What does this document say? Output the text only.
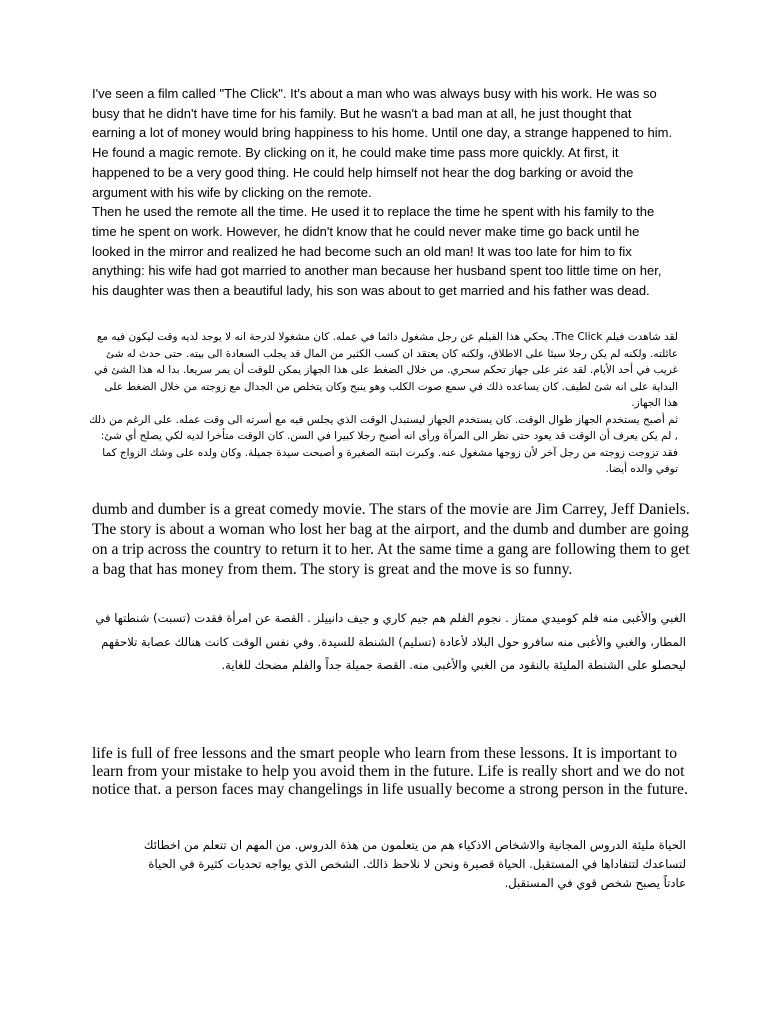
I've seen a film called "The Click". It's about a man who was always busy with his work. He was so busy that he didn't have time for his family. But he wasn't a bad man at all, he just thought that earning a lot of money would bring happiness to his home. Until one day, a strange happened to him. He found a magic remote. By clicking on it, he could make time pass more quickly. At first, it happened to be a very good thing. He could help himself not hear the dog barking or avoid the argument with his wife by clicking on the remote.

Then he used the remote all the time. He used it to replace the time he spent with his family to the time he spent on work. However, he didn't know that he could never make time go back until he looked in the mirror and realized he had become such an old man! It was too late for him to fix anything: his wife had got married to another man because her husband spent too little time on her, his daughter was then a beautiful lady, his son was about to get married and his father was dead.

لقد شاهدت فيلم The Click. يحكي هذا الفيلم عن رجل مشغول دائما في عمله. كان مشغولا لدرجة انه لا يوجد لديه وقت ليكون فيه مع عائلته. ولكنه لم يكن رجلا سيئا على الاطلاق، ولكنه كان يعتقد ان كسب الكثير من المال قد يجلب السعادة الى بيته. حتى حدث له شئ غريب في أحد الأيام. لقد عثر على جهاز تحكم سحري. من خلال الضغط على هذا الجهاز يمكن للوقت أن يمر سريعا. بدا له هذا الشئ في البداية على انه شئ لطيف. كان يساعده ذلك في سمع صوت الكلب وهو ينبح وكان يتخلص من الجدال مع زوجته من خلال الضغط على هذا الجهاز.

ثم أصبح يستخدم الجهاز طوال الوقت. كان يستخدم الجهاز ليستبدل الوقت الذي يجلس فيه مع أسرته الى وقت عمله. على الرغم من ذلك , لم يكن يعرف أن الوقت قد يعود حتى نظر الى المرآة ورأى انه أصبح رجلا كبيرا في السن. كان الوقت متأخرا لديه لكي يصلح أي شئ: فقد تزوجت زوجته من رجل آخر لأن زوجها مشغول عنه. وكبرت ابنته الصغيرة و أصبحت سيدة جميلة. وكان ولده على وشك الزواج كما توفي والده أيضا.

dumb and dumber is a great comedy movie. The stars of the movie are Jim Carrey, Jeff Daniels. The story is about a woman who lost her bag at the airport, and the dumb and dumber are going on a trip across the country to return it to her. At the same time a gang are following them to get a bag that has money from them. The story is great and the move is so funny.

الغبي والأغبى منه فلم كوميدي ممتاز . نجوم الفلم هم جيم كاري و جيف دانييلز . القصة عن امرأة فقدت (تسبت) شنطتها في المطار، والغبي والأغبى منه سافرو حول البلاد لأعادة (تسليم) الشنطة للسيدة. وفي نفس الوقت كانت هنالك عصابة تلاحقهم ليحصلو على الشنطة المليئة بالنقود من الغبي والأغبى منه. القصة جميلة جداً والفلم مضحك للغاية.

life is full of free lessons and the smart people who learn from these lessons. It is important to learn from your mistake to help you avoid them in the future. Life is really short and we do not notice that. a person faces may changelings in life usually become a strong person in the future.

الحياة مليئة الدروس المجانية والاشخاص الاذكياء هم من يتعلمون من هذة الدروس. من المهم ان تتعلم من اخطائك

لتساعدك لتتفاداها في المستقبل. الحياة قصيرة ونحن لا نلاحظ ذالك. الشخص الذي يواجه تحديات كثيرة في الحياة

عادتاً يصبح شخص قوي في المستقبل.
